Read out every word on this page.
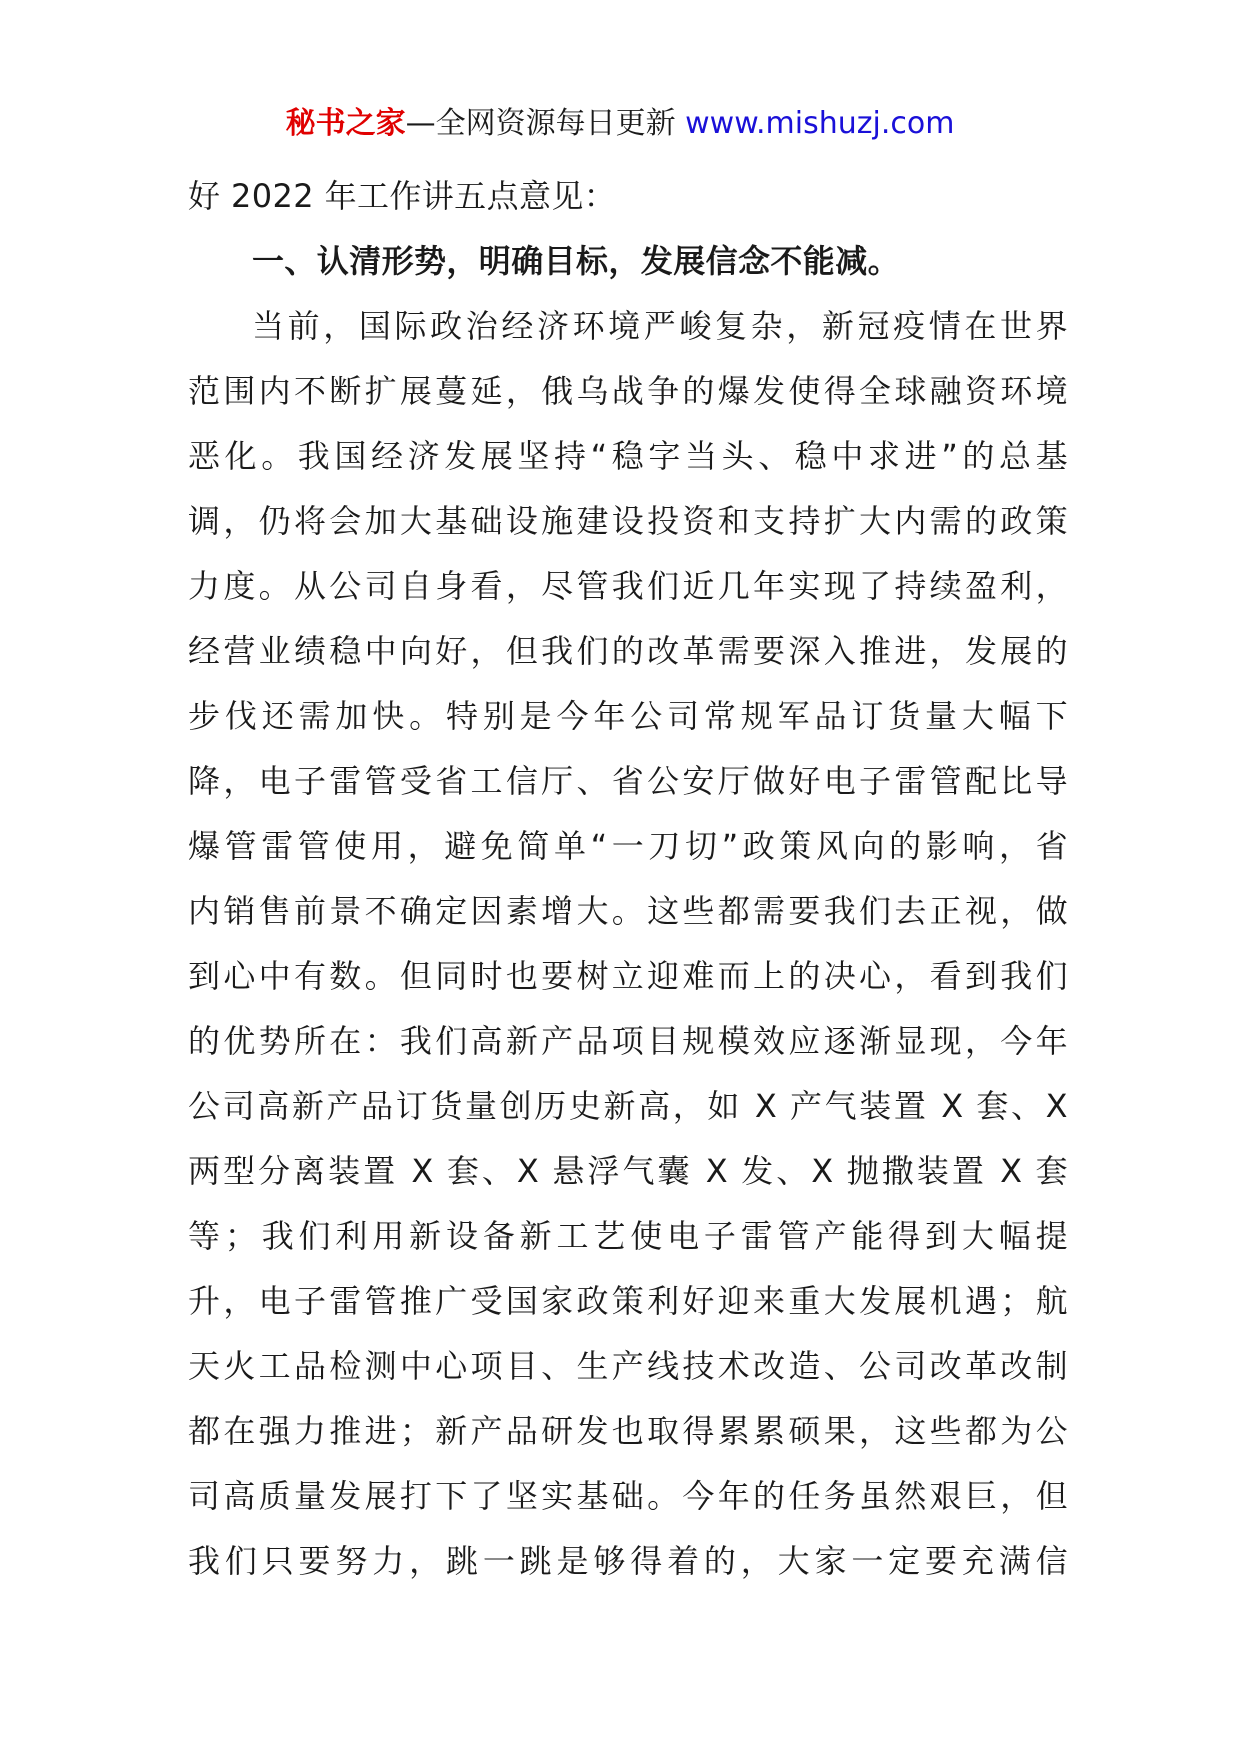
秘书之家—全网资源每日更新 www.mishuzj.com
好 2022 年工作讲五点意见：
一、认清形势，明确目标，发展信念不能减。
当前，国际政治经济环境严峻复杂，新冠疫情在世界
范围内不断扩展蔓延，俄乌战争的爆发使得全球融资环境
恶化。我国经济发展坚持“稳字当头、稳中求进”的总基
调，仍将会加大基础设施建设投资和支持扩大内需的政策
力度。从公司自身看，尽管我们近几年实现了持续盈利，
经营业绩稳中向好，但我们的改革需要深入推进，发展的
步伐还需加快。特别是今年公司常规军品订货量大幅下
降，电子雷管受省工信厅、省公安厅做好电子雷管配比导
爆管雷管使用，避免简单“一刀切”政策风向的影响，省
内销售前景不确定因素增大。这些都需要我们去正视，做
到心中有数。但同时也要树立迎难而上的决心，看到我们
的优势所在：我们高新产品项目规模效应逐渐显现，今年
公司高新产品订货量创历史新高，如 X 产气装置 X 套、X
两型分离装置 X 套、X 悬浮气囊 X 发、X 抛撒装置 X 套
等；我们利用新设备新工艺使电子雷管产能得到大幅提
升，电子雷管推广受国家政策利好迎来重大发展机遇；航
天火工品检测中心项目、生产线技术改造、公司改革改制
都在强力推进；新产品研发也取得累累硕果，这些都为公
司高质量发展打下了坚实基础。今年的任务虽然艰巨，但
我们只要努力，跳一跳是够得着的，大家一定要充满信
